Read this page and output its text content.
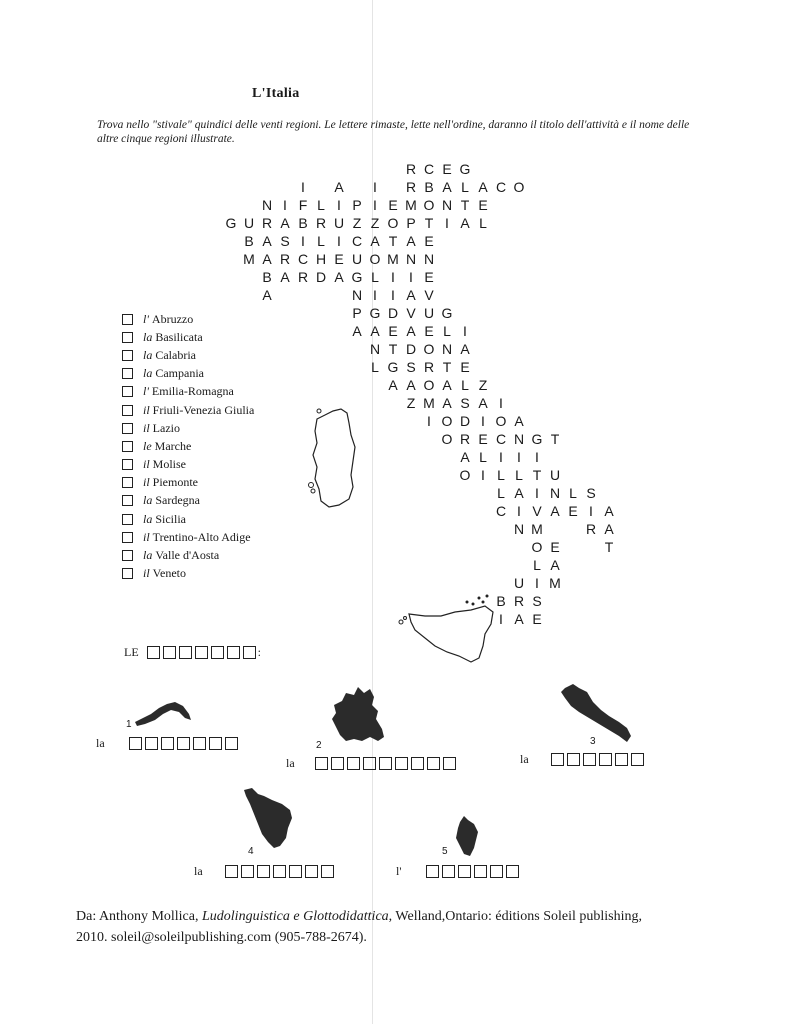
L'Italia
Trova nello "stivale" quindici delle venti regioni. Le lettere rimaste, lette nell'ordine, daranno il titolo dell'attività e il nome delle altre cinque regioni illustrate.
R C E G
I A I R B A L A C O
N I F L I P I E M O N T E
G U R A B R U Z Z O P T I A L
B A S I L I C A T A E
M A R C H E U O M N N
B A R D A G L I I E
A	N I I A V
P G D V U G
A A E A E L I
N T D O N A
L G S R T E
A A O A L Z
Z M A S A I
I O D I O A
O R E C N G T
A L I I I
O I L L T U
L A I N L S
C I V A E I A
N M	R A
O E	T
L A
U I M
B R S
I A E
l' Abruzzo
la Basilicata
la Calabria
la Campania
l' Emilia-Romagna
il Friuli-Venezia Giulia
il Lazio
le Marche
il Molise
il Piemonte
la Sardegna
la Sicilia
il Trentino-Alto Adige
la Valle d'Aosta
il Veneto
LE	:
1
la	2
la
3
la
4
la
5
l'
Da: Anthony Mollica, Ludolinguistica e Glottodidattica, Welland,Ontario: éditions Soleil publishing,
2010. soleil@soleilpublishing.com (905-788-2674).
